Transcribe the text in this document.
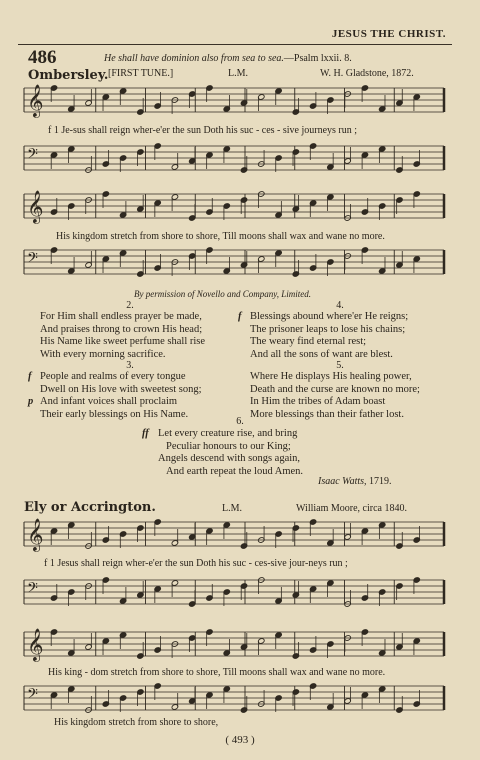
JESUS THE CHRIST.
486	He shall have dominion also from sea to sea.—Psalm lxxii. 8.
Ombersley. [FIRST TUNE.]	L.M.	W. H. Gladstone, 1872.
f 1 Je-sus shall reign wher-e'er the sun Doth his suc - ces - sive journeys run ;
His kingdom stretch from shore to shore, Till moons shall wax and wane no more.
By permission of Novello and Company, Limited.
2.
For Him shall endless prayer be made,
And praises throng to crown His head;
His Name like sweet perfume shall rise
With every morning sacrifice.
3.
f People and realms of every tongue
Dwell on His love with sweetest song;
p And infant voices shall proclaim
Their early blessings on His Name.
4.
f Blessings abound where'er He reigns;
The prisoner leaps to lose his chains;
The weary find eternal rest;
And all the sons of want are blest.
5.
Where He displays His healing power,
Death and the curse are known no more;
In Him the tribes of Adam boast
More blessings than their father lost.
6.
ff Let every creature rise, and bring
Peculiar honours to our King;
Angels descend with songs again,
And earth repeat the loud Amen.
Isaac Watts, 1719.
Ely or Accrington.	L.M.	William Moore, circa 1840.
f 1 Jesus shall reign wher-e'er the sun Doth his suc - ces-sive jour-neys run ;
His king - dom stretch from shore to shore, Till moons shall wax and wane no more.
His kingdom stretch from shore to shore,
( 493 )
𝄞
𝄢
𝄞
𝄢
𝄞
𝄢
𝄞
𝄢
